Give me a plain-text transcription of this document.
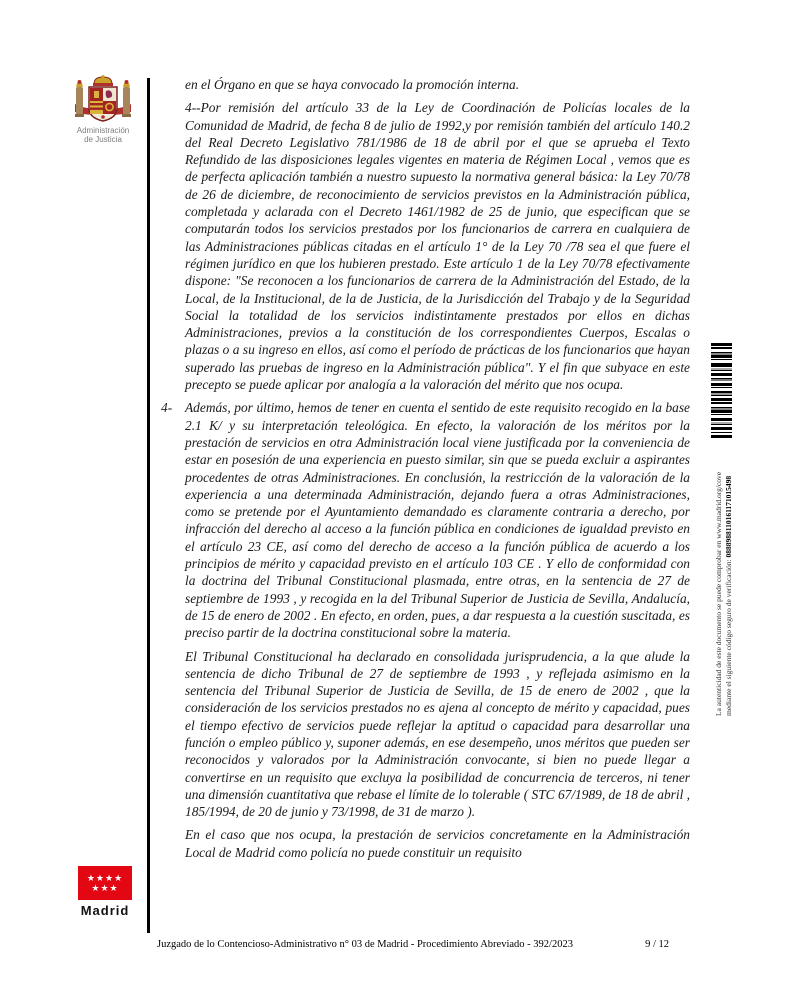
Administración
de Justicia

en el Órgano en que se haya convocado la promoción interna.

4--Por remisión del artículo 33 de la Ley de Coordinación de Policías locales de la Comunidad de Madrid, de fecha 8 de julio de 1992,y por remisión también del artículo 140.2 del Real Decreto Legislativo 781/1986 de 18 de abril por el que se aprueba el Texto Refundido de las disposiciones legales vigentes en materia de Régimen Local , vemos que es de perfecta aplicación también a nuestro supuesto la normativa general básica: la Ley 70/78 de 26 de diciembre, de reconocimiento de servicios previstos en la Administración pública, completada y aclarada con el Decreto 1461/1982 de 25 de junio, que especifican que se computarán todos los servicios prestados por los funcionarios de carrera en cualquiera de las Administraciones públicas citadas en el artículo 1° de la Ley 70 /78 sea el que fuere el régimen jurídico en que los hubieren prestado. Este artículo 1 de la Ley 70/78 efectivamente dispone: "Se reconocen a los funcionarios de carrera de la Administración del Estado, de la Local, de la Institucional, de la de Justicia, de la Jurisdicción del Trabajo y de la Seguridad Social la totalidad de los servicios indistintamente prestados por ellos en dichas Administraciones, previos a la constitución de los correspondientes Cuerpos, Escalas o plazas o a su ingreso en ellos, así como el período de prácticas de los funcionarios que hayan superado las pruebas de ingreso en la Administración pública". Y el fin que subyace en este precepto se puede aplicar por analogía a la valoración del mérito que nos ocupa.

4- Además, por último, hemos de tener en cuenta el sentido de este requisito recogido en la base 2.1 K/ y su interpretación teleológica. En efecto, la valoración de los méritos por la prestación de servicios en otra Administración local viene justificada por la conveniencia de estar en posesión de una experiencia en puesto similar, sin que se pueda excluir a aspirantes procedentes de otras Administraciones. En conclusión, la restricción de la valoración de la experiencia a una determinada Administración, dejando fuera a otras Administraciones, como se pretende por el Ayuntamiento demandado es claramente contraria a derecho, por infracción del derecho al acceso a la función pública en condiciones de igualdad previsto en el artículo 23 CE, así como del derecho de acceso a la función pública de acuerdo a los principios de mérito y capacidad previsto en el artículo 103 CE . Y ello de conformidad con la doctrina del Tribunal Constitucional plasmada, entre otras, en la sentencia de 27 de septiembre de 1993 , y recogida en la del Tribunal Superior de Justicia de Sevilla, Andalucía, de 15 de enero de 2002 . En efecto, en orden, pues, a dar respuesta a la cuestión suscitada, es preciso partir de la doctrina constitucional sobre la materia.

El Tribunal Constitucional ha declarado en consolidada jurisprudencia, a la que alude la sentencia de dicho Tribunal de 27 de septiembre de 1993 , y reflejada asimismo en la sentencia del Tribunal Superior de Justicia de Sevilla, de 15 de enero de 2002 , que la consideración de los servicios prestados no es ajena al concepto de mérito y capacidad, pues el tiempo efectivo de servicios puede reflejar la aptitud o capacidad para desarrollar una función o empleo público y, suponer además, en ese desempeño, unos méritos que pueden ser reconocidos y valorados por la Administración convocante, si bien no puede llegar a convertirse en un requisito que excluya la posibilidad de concurrencia de terceros, ni tener una dimensión cuantitativa que rebase el límite de lo tolerable ( STC 67/1989, de 18 de abril , 185/1994, de 20 de junio y 73/1998, de 31 de marzo ).

En el caso que nos ocupa, la prestación de servicios concretamente en la Administración Local de Madrid como policía no puede constituir un requisito

La autenticidad de este documento se puede comprobar en www.madrid.org/cove mediante el siguiente código seguro de verificación: 0888988110161171015498
★★★★
★★★
Madrid
Juzgado de lo Contencioso-Administrativo n° 03 de Madrid - Procedimiento Abreviado - 392/2023	9 / 12
